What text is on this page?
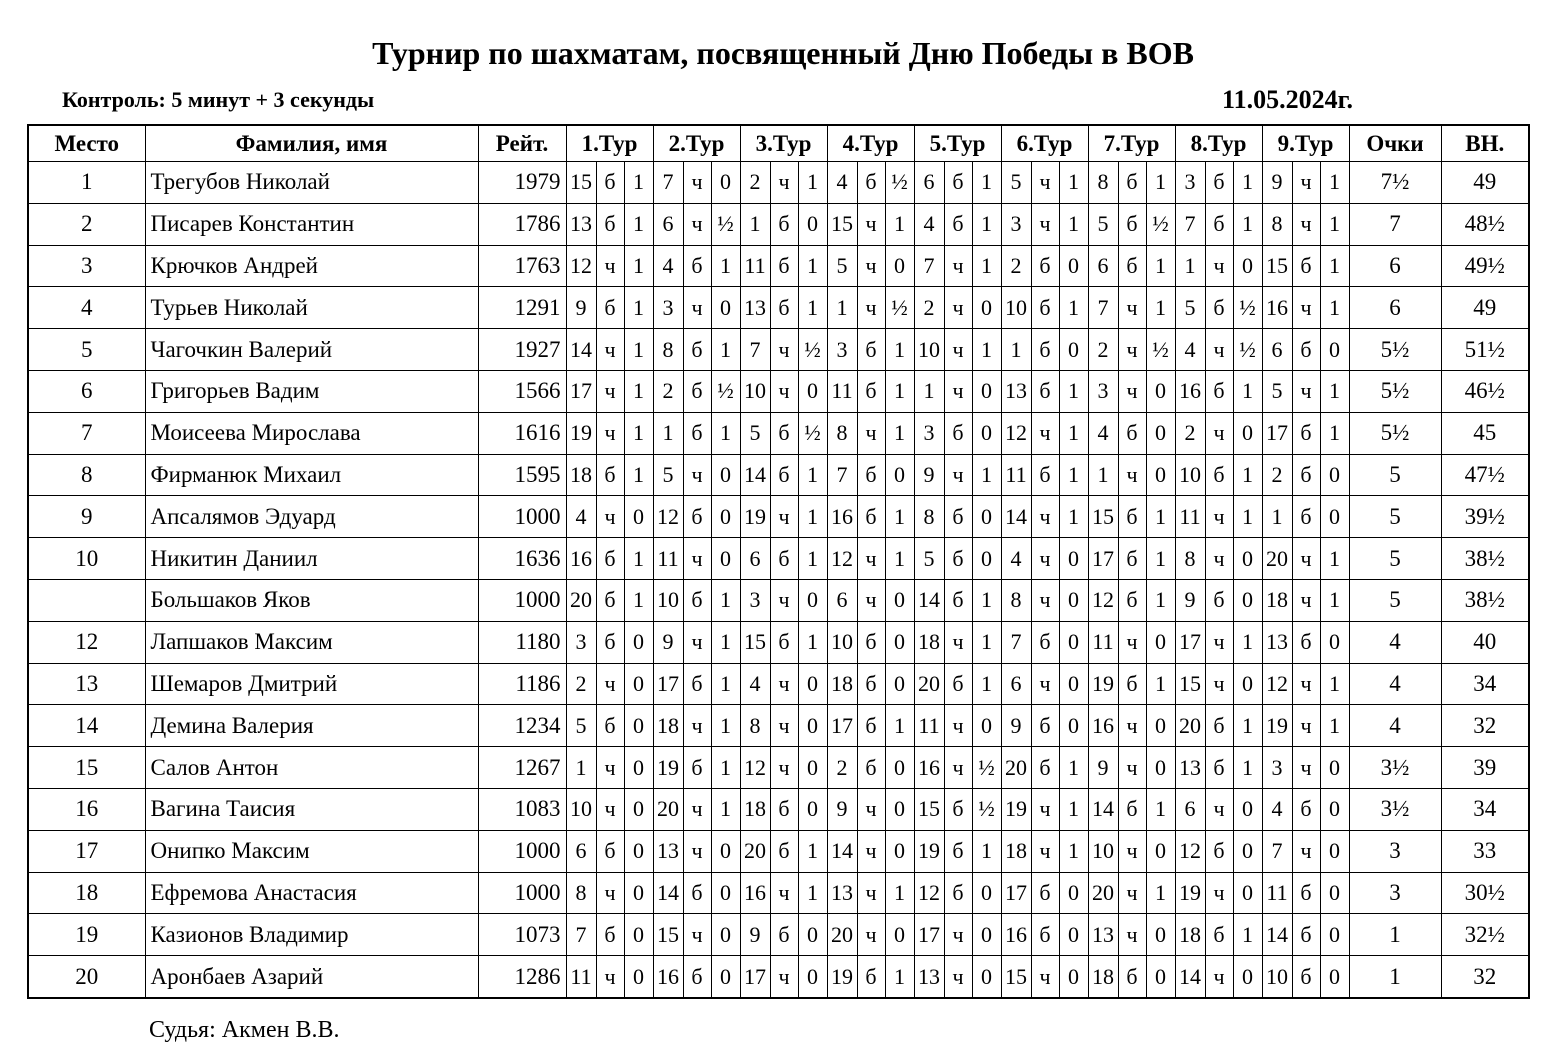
Турнир по шахматам, посвященный Дню Победы в ВОВ
Контроль: 5 минут + 3 секунды	11.05.2024г.
Место	Фамилия, имя	Рейт.	1.Тур			2.Тур			3.Тур			4.Тур			5.Тур			6.Тур			7.Тур			8.Тур			9.Тур			Очки	ВН.
1	Трегубов Николай	1979	15	б	1	7	ч	0	2	ч	1	4	б	½	6	б	1	5	ч	1	8	б	1	3	б	1	9	ч	1	7½	49
2	Писарев Константин	1786	13	б	1	6	ч	½	1	б	0	15	ч	1	4	б	1	3	ч	1	5	б	½	7	б	1	8	ч	1	7	48½
3	Крючков Андрей	1763	12	ч	1	4	б	1	11	б	1	5	ч	0	7	ч	1	2	б	0	6	б	1	1	ч	0	15	б	1	6	49½
4	Турьев Николай	1291	9	б	1	3	ч	0	13	б	1	1	ч	½	2	ч	0	10	б	1	7	ч	1	5	б	½	16	ч	1	6	49
5	Чагочкин Валерий	1927	14	ч	1	8	б	1	7	ч	½	3	б	1	10	ч	1	1	б	0	2	ч	½	4	ч	½	6	б	0	5½	51½
6	Григорьев Вадим	1566	17	ч	1	2	б	½	10	ч	0	11	б	1	1	ч	0	13	б	1	3	ч	0	16	б	1	5	ч	1	5½	46½
7	Моисеева Мирослава	1616	19	ч	1	1	б	1	5	б	½	8	ч	1	3	б	0	12	ч	1	4	б	0	2	ч	0	17	б	1	5½	45
8	Фирманюк Михаил	1595	18	б	1	5	ч	0	14	б	1	7	б	0	9	ч	1	11	б	1	1	ч	0	10	б	1	2	б	0	5	47½
9	Апсалямов Эдуард	1000	4	ч	0	12	б	0	19	ч	1	16	б	1	8	б	0	14	ч	1	15	б	1	11	ч	1	1	б	0	5	39½
10	Никитин Даниил	1636	16	б	1	11	ч	0	6	б	1	12	ч	1	5	б	0	4	ч	0	17	б	1	8	ч	0	20	ч	1	5	38½
	Большаков Яков	1000	20	б	1	10	б	1	3	ч	0	6	ч	0	14	б	1	8	ч	0	12	б	1	9	б	0	18	ч	1	5	38½
12	Лапшаков Максим	1180	3	б	0	9	ч	1	15	б	1	10	б	0	18	ч	1	7	б	0	11	ч	0	17	ч	1	13	б	0	4	40
13	Шемаров Дмитрий	1186	2	ч	0	17	б	1	4	ч	0	18	б	0	20	б	1	6	ч	0	19	б	1	15	ч	0	12	ч	1	4	34
14	Демина Валерия	1234	5	б	0	18	ч	1	8	ч	0	17	б	1	11	ч	0	9	б	0	16	ч	0	20	б	1	19	ч	1	4	32
15	Салов Антон	1267	1	ч	0	19	б	1	12	ч	0	2	б	0	16	ч	½	20	б	1	9	ч	0	13	б	1	3	ч	0	3½	39
16	Вагина Таисия	1083	10	ч	0	20	ч	1	18	б	0	9	ч	0	15	б	½	19	ч	1	14	б	1	6	ч	0	4	б	0	3½	34
17	Онипко Максим	1000	6	б	0	13	ч	0	20	б	1	14	ч	0	19	б	1	18	ч	1	10	ч	0	12	б	0	7	ч	0	3	33
18	Ефремова Анастасия	1000	8	ч	0	14	б	0	16	ч	1	13	ч	1	12	б	0	17	б	0	20	ч	1	19	ч	0	11	б	0	3	30½
19	Казионов Владимир	1073	7	б	0	15	ч	0	9	б	0	20	ч	0	17	ч	0	16	б	0	13	ч	0	18	б	1	14	б	0	1	32½
20	Аронбаев Азарий	1286	11	ч	0	16	б	0	17	ч	0	19	б	1	13	ч	0	15	ч	0	18	б	0	14	ч	0	10	б	0	1	32
Судья: Акмен В.В.
